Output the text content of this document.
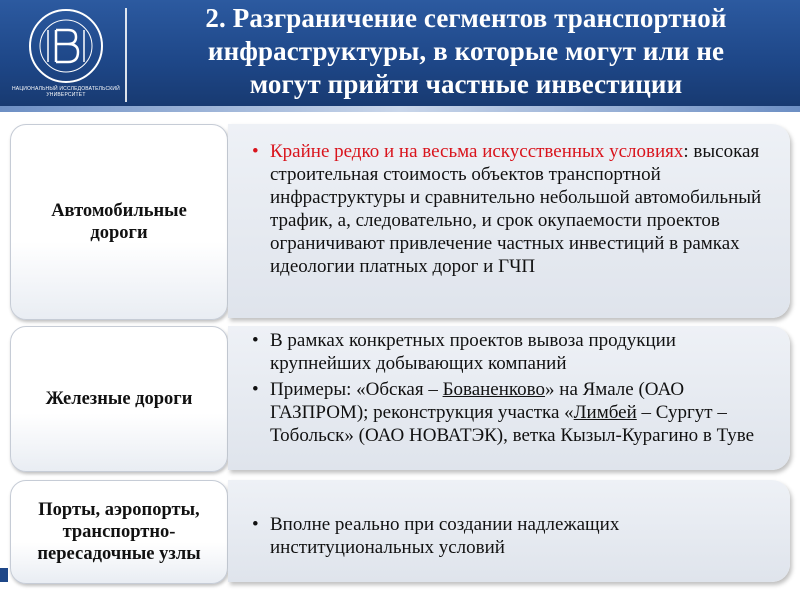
НАЦИОНАЛЬНЫЙ ИССЛЕДОВАТЕЛЬСКИЙ
УНИВЕРСИТЕТ
2. Разграничение сегментов транспортной
инфраструктуры, в которые могут или не
могут прийти частные инвестиции
Автомобильные
дороги
• Крайне редко и на весьма искусственных условиях: высокая строительная стоимость объектов транспортной инфраструктуры и сравнительно небольшой автомобильный трафик, а, следовательно, и срок окупаемости проектов ограничивают привлечение частных инвестиций в рамках идеологии платных дорог и ГЧП
Железные дороги
• В рамках конкретных проектов вывоза продукции крупнейших добывающих компаний
• Примеры: «Обская – Бованенково» на Ямале (ОАО ГАЗПРОМ); реконструкция участка «Лимбей – Сургут – Тобольск» (ОАО НОВАТЭК), ветка Кызыл-Курагино в Туве
Порты, аэропорты,
транспортно-
пересадочные узлы
• Вполне реально при создании надлежащих институциональных условий
